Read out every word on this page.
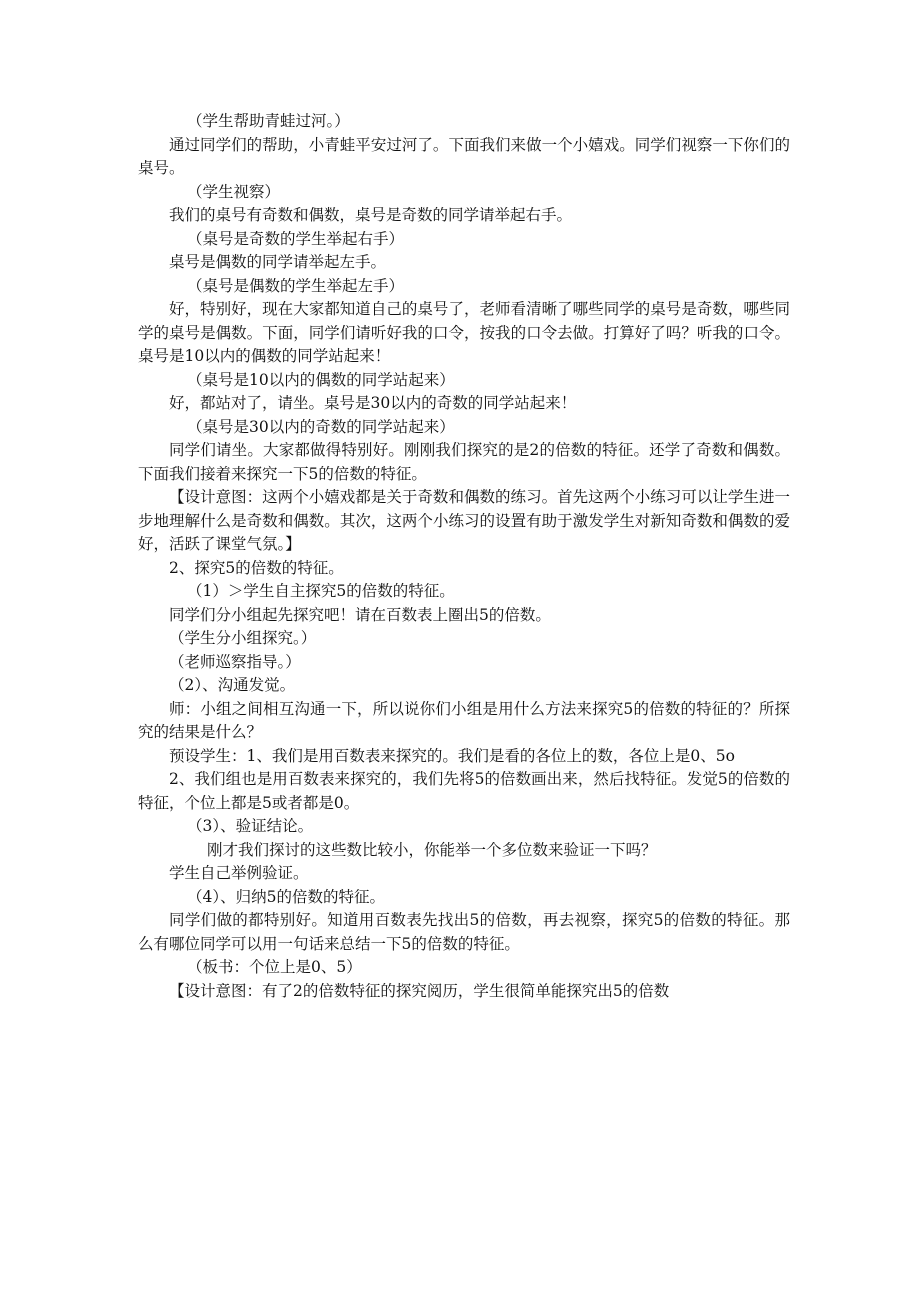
（学生帮助青蛙过河。）

通过同学们的帮助，小青蛙平安过河了。下面我们来做一个小嬉戏。同学们视察一下你们的桌号。

（学生视察）

我们的桌号有奇数和偶数，桌号是奇数的同学请举起右手。

（桌号是奇数的学生举起右手）

桌号是偶数的同学请举起左手。

（桌号是偶数的学生举起左手）

好，特别好，现在大家都知道自己的桌号了，老师看清晰了哪些同学的桌号是奇数，哪些同学的桌号是偶数。下面，同学们请听好我的口令，按我的口令去做。打算好了吗？听我的口令。桌号是10以内的偶数的同学站起来！

（桌号是10以内的偶数的同学站起来）

好，都站对了，请坐。桌号是30以内的奇数的同学站起来！

（桌号是30以内的奇数的同学站起来）

同学们请坐。大家都做得特别好。刚刚我们探究的是2的倍数的特征。还学了奇数和偶数。下面我们接着来探究一下5的倍数的特征。

【设计意图：这两个小嬉戏都是关于奇数和偶数的练习。首先这两个小练习可以让学生进一步地理解什么是奇数和偶数。其次，这两个小练习的设置有助于激发学生对新知奇数和偶数的爱好，活跃了课堂气氛。】

2、探究5的倍数的特征。

（1）＞学生自主探究5的倍数的特征。

同学们分小组起先探究吧！请在百数表上圈出5的倍数。

（学生分小组探究。）

（老师巡察指导。）

（2）、沟通发觉。

师：小组之间相互沟通一下，所以说你们小组是用什么方法来探究5的倍数的特征的？所探究的结果是什么？

预设学生：1、我们是用百数表来探究的。我们是看的各位上的数，各位上是0、5o

2、我们组也是用百数表来探究的，我们先将5的倍数画出来，然后找特征。发觉5的倍数的特征，个位上都是5或者都是0。

（3）、验证结论。

刚才我们探讨的这些数比较小，你能举一个多位数来验证一下吗？

学生自己举例验证。

（4）、归纳5的倍数的特征。

同学们做的都特别好。知道用百数表先找出5的倍数，再去视察，探究5的倍数的特征。那么有哪位同学可以用一句话来总结一下5的倍数的特征。

（板书：个位上是0、5）

【设计意图：有了2的倍数特征的探究阅历，学生很简单能探究出5的倍数
